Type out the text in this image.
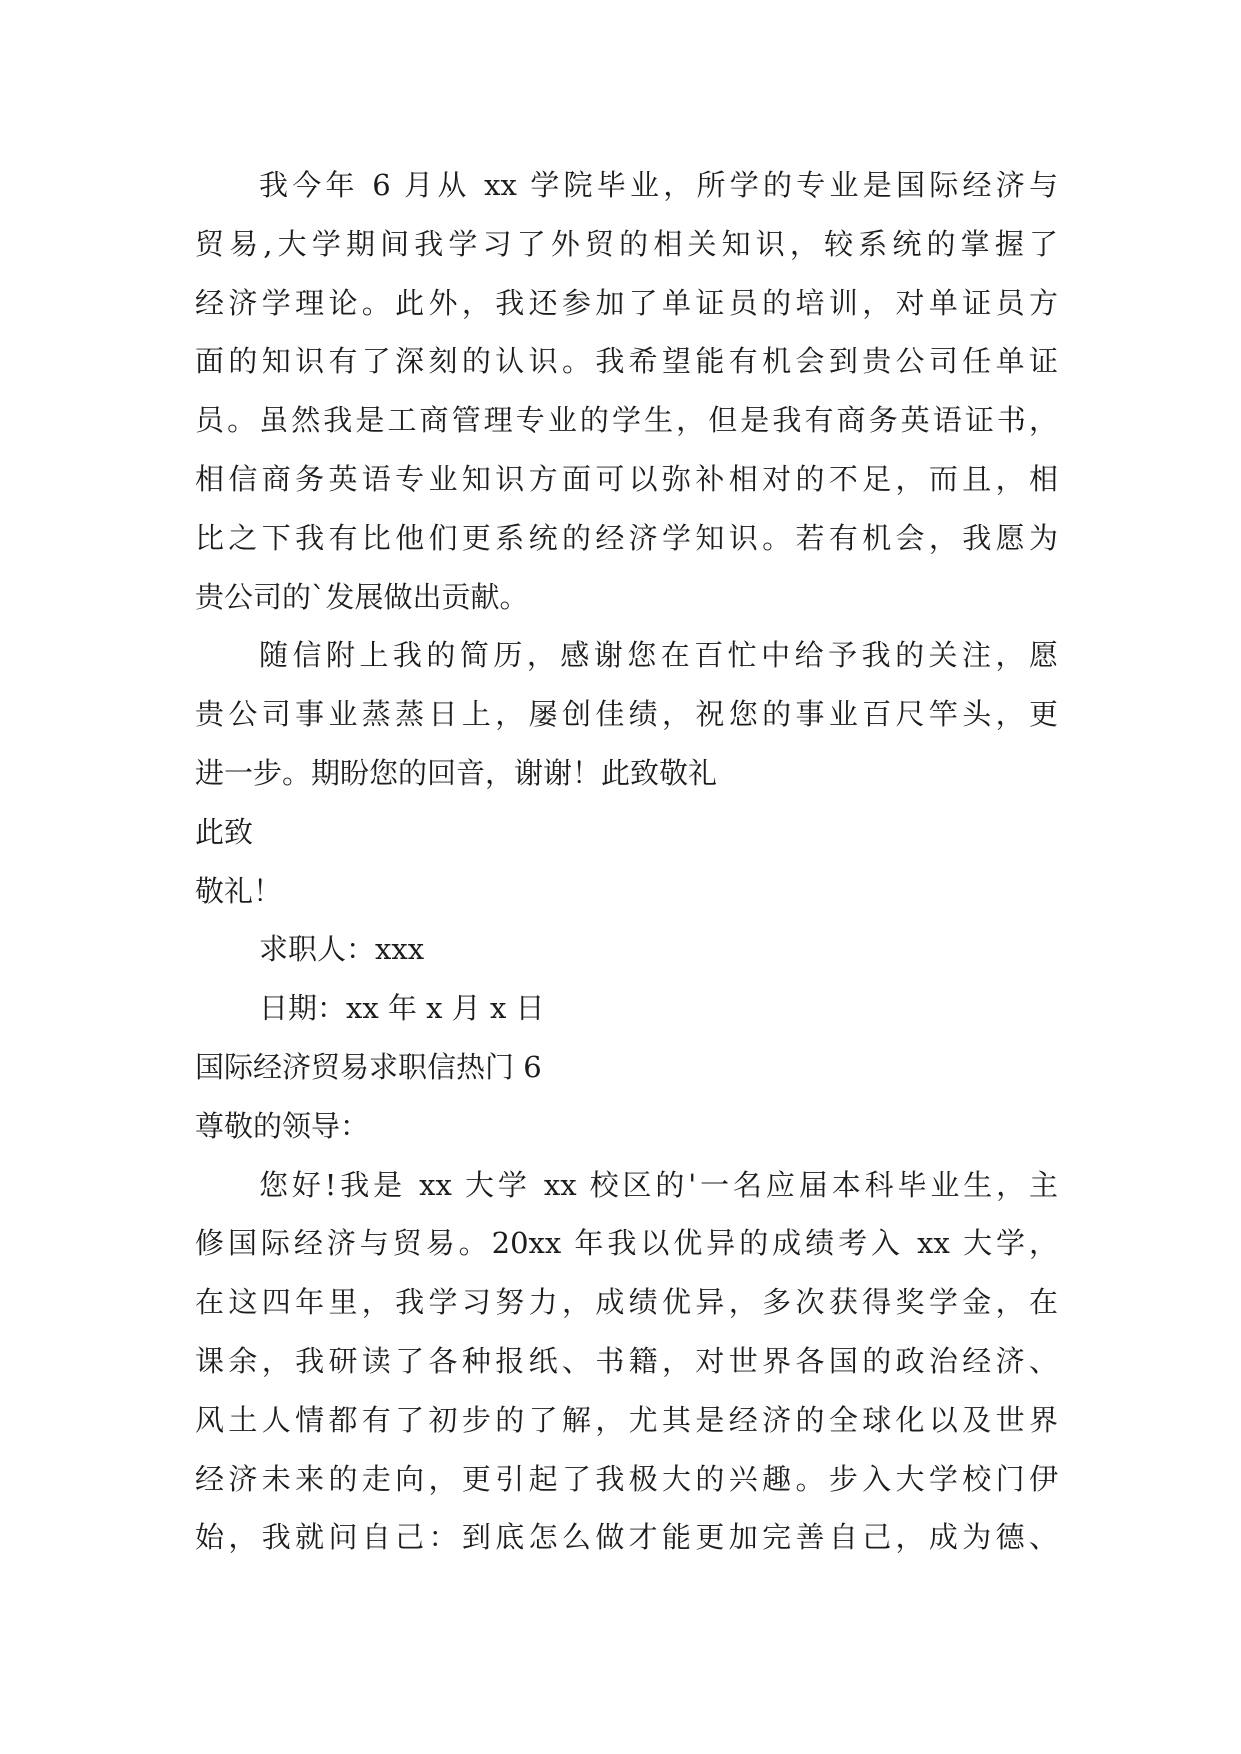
我今年 6 月从 xx 学院毕业，所学的专业是国际经济与
贸易,大学期间我学习了外贸的相关知识，较系统的掌握了
经济学理论。此外，我还参加了单证员的培训，对单证员方
面的知识有了深刻的认识。我希望能有机会到贵公司任单证
员。虽然我是工商管理专业的学生，但是我有商务英语证书，
相信商务英语专业知识方面可以弥补相对的不足，而且，相
比之下我有比他们更系统的经济学知识。若有机会，我愿为
贵公司的`发展做出贡献。
随信附上我的简历，感谢您在百忙中给予我的关注，愿
贵公司事业蒸蒸日上，屡创佳绩，祝您的事业百尺竿头，更
进一步。期盼您的回音，谢谢！此致敬礼
此致
敬礼！
求职人：xxx
日期：xx 年 x 月 x 日
国际经济贸易求职信热门 6
尊敬的领导：
您好!我是 xx 大学 xx 校区的'一名应届本科毕业生，主
修国际经济与贸易。20xx 年我以优异的成绩考入 xx 大学，
在这四年里，我学习努力，成绩优异，多次获得奖学金，在
课余，我研读了各种报纸、书籍，对世界各国的政治经济、
风土人情都有了初步的了解，尤其是经济的全球化以及世界
经济未来的走向，更引起了我极大的兴趣。步入大学校门伊
始，我就问自己：到底怎么做才能更加完善自己，成为德、
